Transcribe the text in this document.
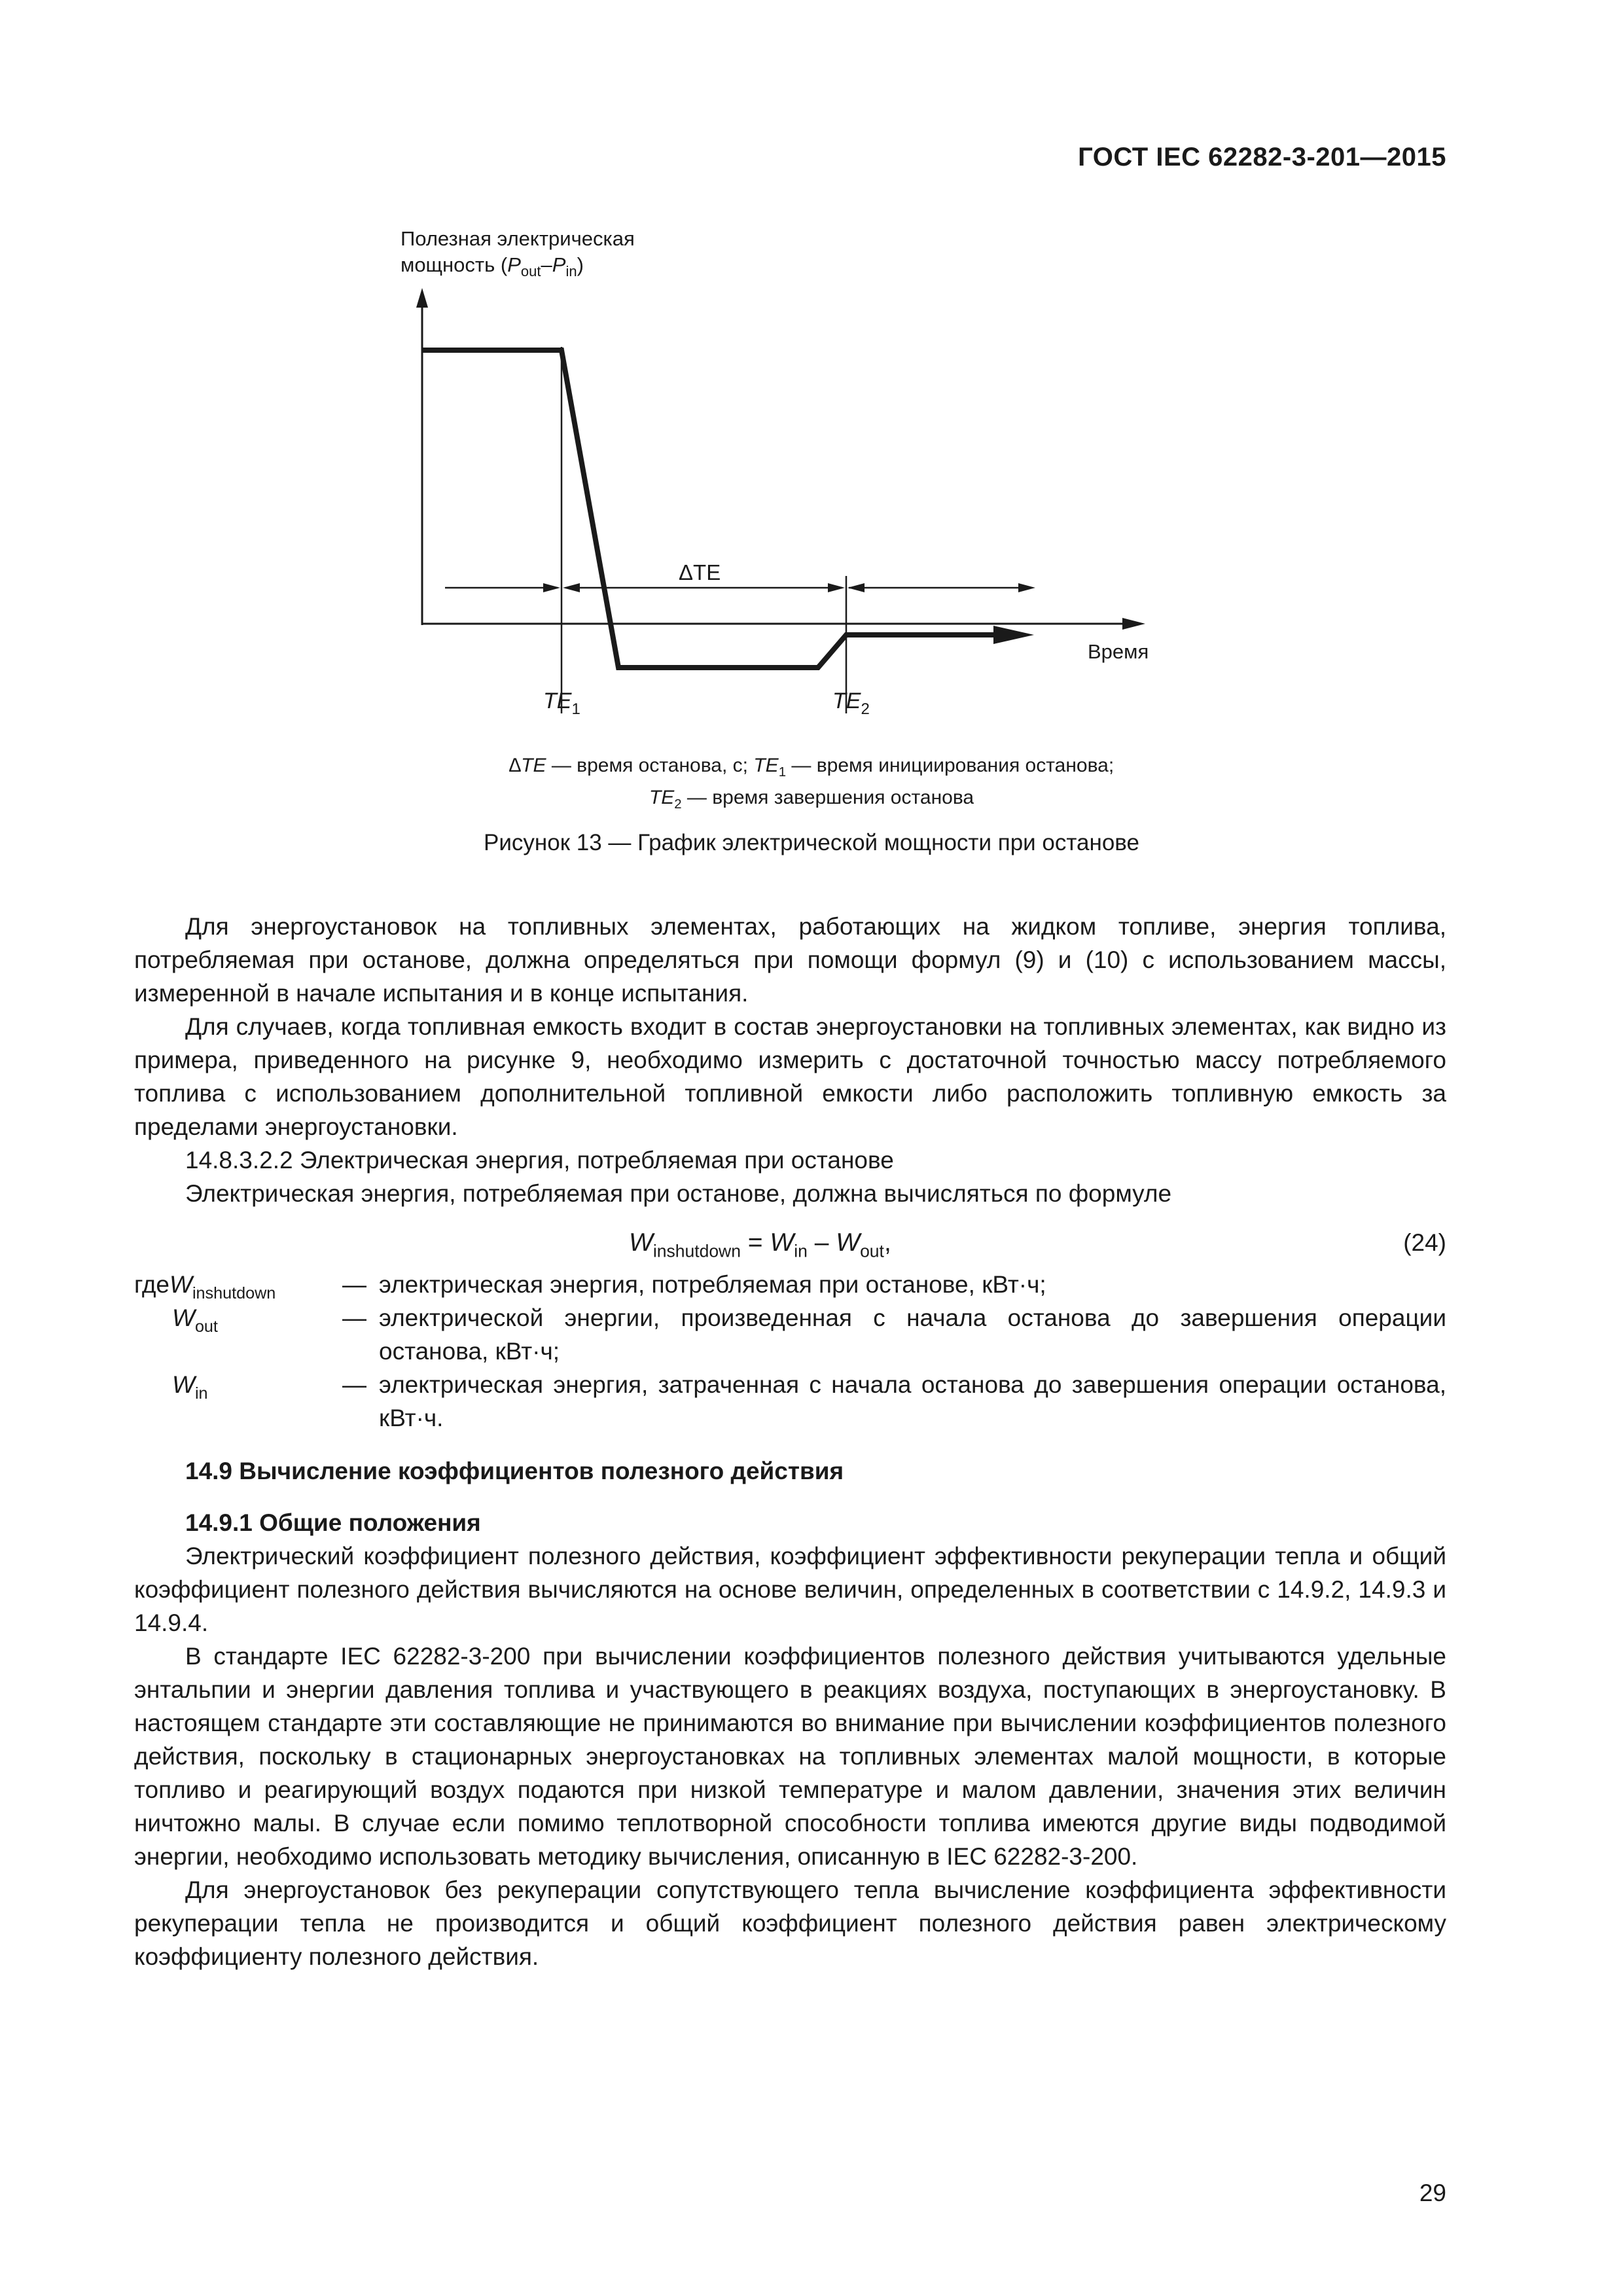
ГОСТ IEC 62282-3-201—2015
Полезная электрическая
мощность $(P_{out}-P_{in})$
Время
ΔTE
$TE_1$	$TE_2$
∆TE — время останова, с; $TE_1$ — время инициирования останова;
$TE_2$ — время завершения останова
Рисунок 13 — График электрической мощности при останове

Для энергоустановок на топливных элементах, работающих на жидком топливе, энергия топлива, потребляемая при останове, должна определяться при помощи формул (9) и (10) с использованием массы, измеренной в начале испытания и в конце испытания.

Для случаев, когда топливная емкость входит в состав энергоустановки на топливных элементах, как видно из примера, приведенного на рисунке 9, необходимо измерить с достаточной точностью массу потребляемого топлива с использованием дополнительной топливной емкости либо расположить топливную емкость за пределами энергоустановки.

14.8.3.2.2 Электрическая энергия, потребляемая при останове

Электрическая энергия, потребляемая при останове, должна вычисляться по формуле

$W_{inshutdown} = W_{in} - W_{out}$,	(24)
гдеW$_{inshutdown}$	— электрическая энергия, потребляемая при останове, кВт·ч;
$W_{out}$	— электрической энергии, произведенная с начала останова до завершения операции останова, кВт·ч;
$W_{in}$	— электрическая энергия, затраченная с начала останова до завершения операции останова, кВт·ч.

14.9 Вычисление коэффициентов полезного действия

14.9.1 Общие положения

Электрический коэффициент полезного действия, коэффициент эффективности рекуперации тепла и общий коэффициент полезного действия вычисляются на основе величин, определенных в соответствии с 14.9.2, 14.9.3 и 14.9.4.

В стандарте IEC 62282-3-200 при вычислении коэффициентов полезного действия учитываются удельные энтальпии и энергии давления топлива и участвующего в реакциях воздуха, поступающих в энергоустановку. В настоящем стандарте эти составляющие не принимаются во внимание при вычислении коэффициентов полезного действия, поскольку в стационарных энергоустановках на топливных элементах малой мощности, в которые топливо и реагирующий воздух подаются при низкой температуре и малом давлении, значения этих величин ничтожно малы. В случае если помимо теплотворной способности топлива имеются другие виды подводимой энергии, необходимо использовать методику вычисления, описанную в IEC 62282-3-200.

Для энергоустановок без рекуперации сопутствующего тепла вычисление коэффициента эффективности рекуперации тепла не производится и общий коэффициент полезного действия равен электрическому коэффициенту полезного действия.

29
